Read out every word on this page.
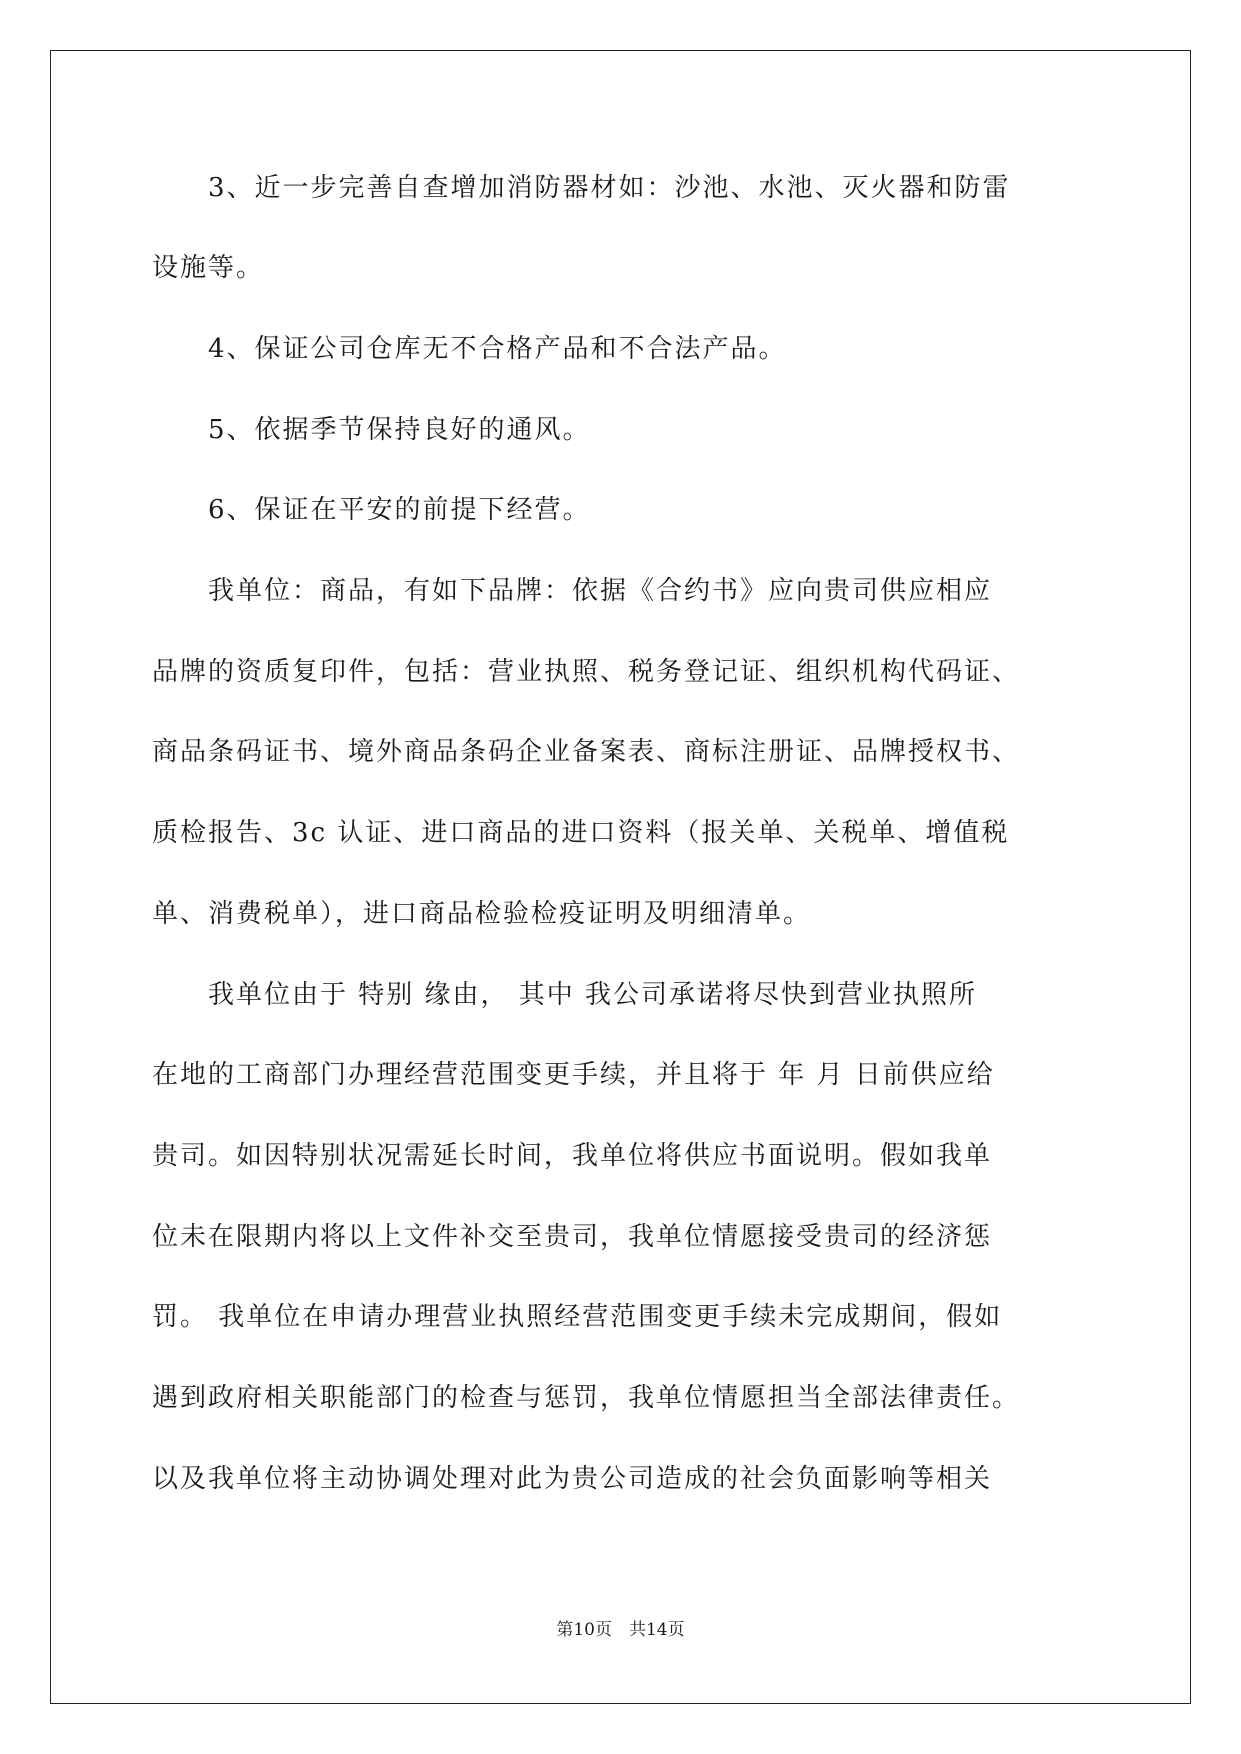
　　3、近一步完善自查增加消防器材如：沙池、水池、灭火器和防雷
设施等。
　　4、保证公司仓库无不合格产品和不合法产品。
　　5、依据季节保持良好的通风。
　　6、保证在平安的前提下经营。
　　我单位：商品，有如下品牌：依据《合约书》应向贵司供应相应
品牌的资质复印件，包括：营业执照、税务登记证、组织机构代码证、
商品条码证书、境外商品条码企业备案表、商标注册证、品牌授权书、
质检报告、3c 认证、进口商品的进口资料（报关单、关税单、增值税
单、消费税单），进口商品检验检疫证明及明细清单。
　　我单位由于 特别 缘由， 其中 我公司承诺将尽快到营业执照所
在地的工商部门办理经营范围变更手续，并且将于 年 月 日前供应给
贵司。如因特别状况需延长时间，我单位将供应书面说明。假如我单
位未在限期内将以上文件补交至贵司，我单位情愿接受贵司的经济惩
罚。 我单位在申请办理营业执照经营范围变更手续未完成期间，假如
遇到政府相关职能部门的检查与惩罚，我单位情愿担当全部法律责任。
以及我单位将主动协调处理对此为贵公司造成的社会负面影响等相关
第10页　共14页
